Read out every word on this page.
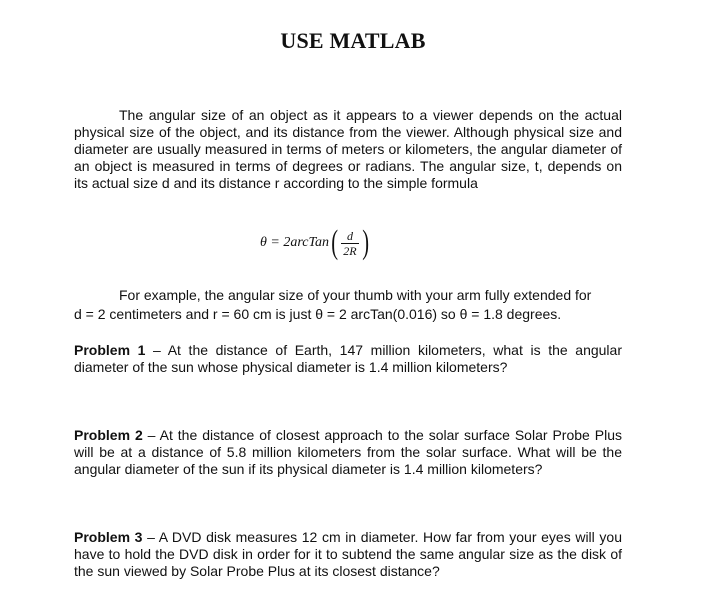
USE MATLAB

The angular size of an object as it appears to a viewer depends on the actual physical size of the object, and its distance from the viewer. Although physical size and diameter are usually measured in terms of meters or kilometers, the angular diameter of an object is measured in terms of degrees or radians. The angular size, t, depends on its actual size d and its distance r according to the simple formula

θ = 2arcTan ( $\frac{d}{2R}$ )

For example, the angular size of your thumb with your arm fully extended for
d = 2 centimeters and r = 60 cm is just θ = 2 arcTan(0.016) so θ = 1.8 degrees.

Problem 1 – At the distance of Earth, 147 million kilometers, what is the angular diameter of the sun whose physical diameter is 1.4 million kilometers?

Problem 2 – At the distance of closest approach to the solar surface Solar Probe Plus will be at a distance of 5.8 million kilometers from the solar surface. What will be the angular diameter of the sun if its physical diameter is 1.4 million kilometers?

Problem 3 – A DVD disk measures 12 cm in diameter. How far from your eyes will you have to hold the DVD disk in order for it to subtend the same angular size as the disk of the sun viewed by Solar Probe Plus at its closest distance?
